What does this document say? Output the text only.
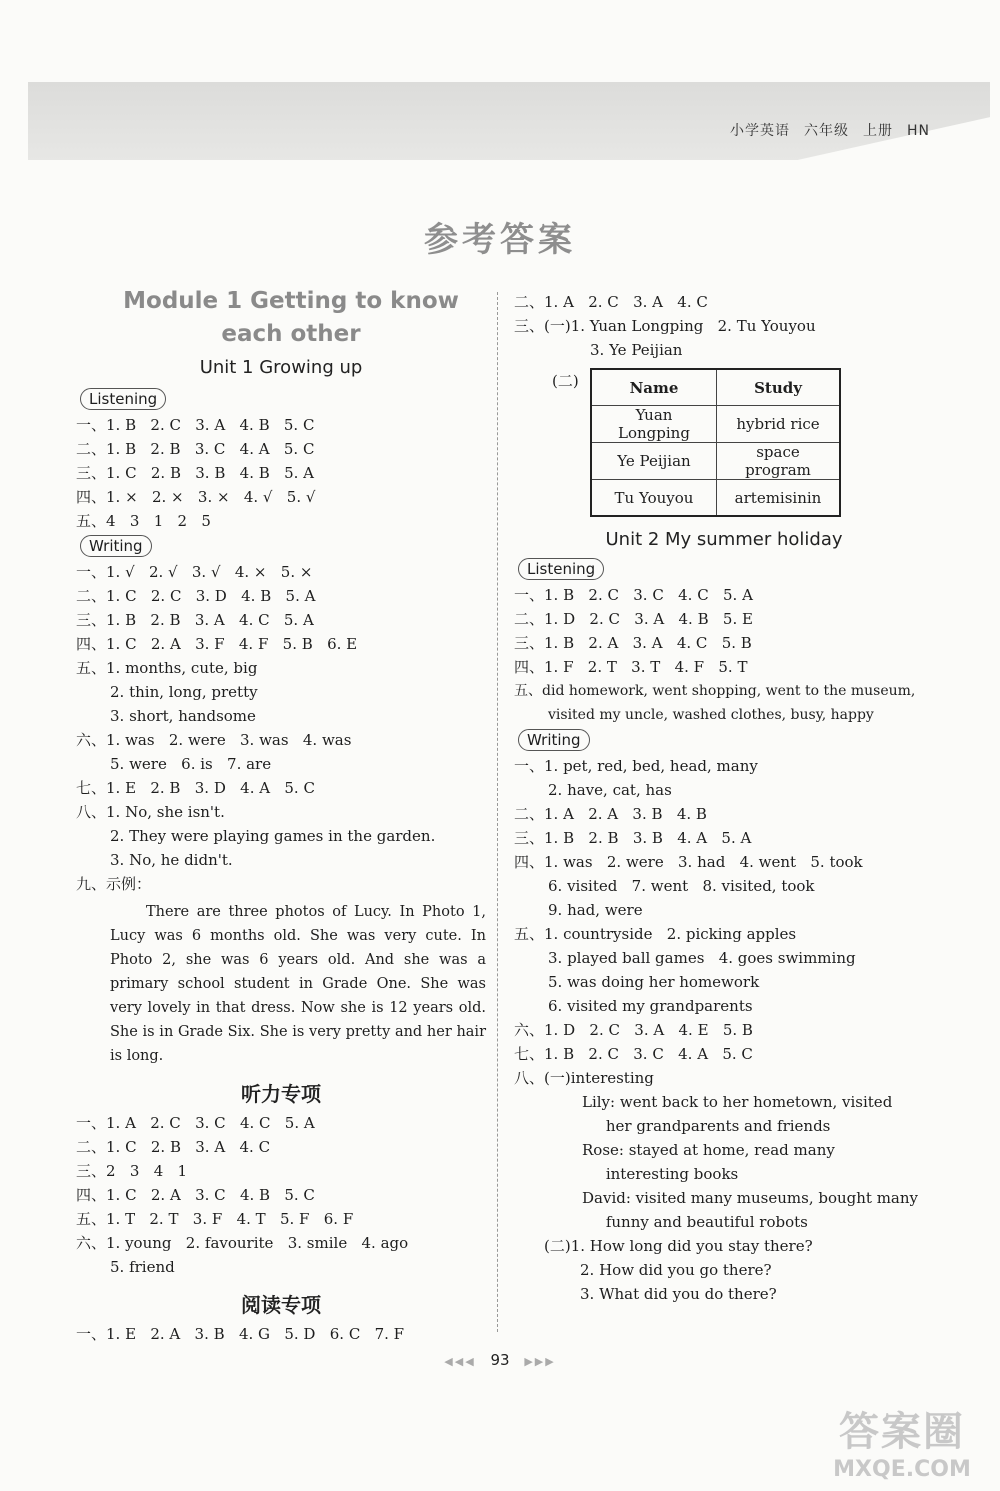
小学英语 六年级 上册 HN
参考答案
Module 1 Getting to know
each other
Unit 1 Growing up
Listening
一、1. B   2. C   3. A   4. B   5. C
二、1. B   2. B   3. C   4. A   5. C
三、1. C   2. B   3. B   4. B   5. A
四、1. ×   2. ×   3. ×   4. √   5. √
五、4   3   1   2   5
Writing
一、1. √   2. √   3. √   4. ×   5. ×
二、1. C   2. C   3. D   4. B   5. A
三、1. B   2. B   3. A   4. C   5. A
四、1. C   2. A   3. F   4. F   5. B   6. E
五、1. months, cute, big
2. thin, long, pretty
3. short, handsome
六、1. was   2. were   3. was   4. was
5. were   6. is   7. are
七、1. E   2. B   3. D   4. A   5. C
八、1. No, she isn't.
2. They were playing games in the garden.
3. No, he didn't.
九、示例：
There are three photos of Lucy. In Photo 1, Lucy was 6 months old. She was very cute. In Photo 2, she was 6 years old. And she was a primary school student in Grade One. She was very lovely in that dress. Now she is 12 years old. She is in Grade Six. She is very pretty and her hair is long.
听力专项
一、1. A   2. C   3. C   4. C   5. A
二、1. C   2. B   3. A   4. C
三、2   3   4   1
四、1. C   2. A   3. C   4. B   5. C
五、1. T   2. T   3. F   4. T   5. F   6. F
六、1. young   2. favourite   3. smile   4. ago
5. friend
阅读专项
一、1. E   2. A   3. B   4. G   5. D   6. C   7. F
二、1. A   2. C   3. A   4. C
三、(一)1. Yuan Longping   2. Tu Youyou
3. Ye Peijian
(二)	Name	Study
Yuan Longping	hybrid rice
Ye Peijian	space program
Tu Youyou	artemisinin
Unit 2 My summer holiday
Listening
一、1. B   2. C   3. C   4. C   5. A
二、1. D   2. C   3. A   4. B   5. E
三、1. B   2. A   3. A   4. C   5. B
四、1. F   2. T   3. T   4. F   5. T
五、did homework, went shopping, went to the museum,
visited my uncle, washed clothes, busy, happy
Writing
一、1. pet, red, bed, head, many
2. have, cat, has
二、1. A   2. A   3. B   4. B
三、1. B   2. B   3. B   4. A   5. A
四、1. was   2. were   3. had   4. went   5. took
6. visited   7. went   8. visited, took
9. had, were
五、1. countryside   2. picking apples
3. played ball games   4. goes swimming
5. was doing her homework
6. visited my grandparents
六、1. D   2. C   3. A   4. E   5. B
七、1. B   2. C   3. C   4. A   5. C
八、(一)interesting
Lily: went back to her hometown, visited
her grandparents and friends
Rose: stayed at home, read many
interesting books
David: visited many museums, bought many
funny and beautiful robots
(二)1. How long did you stay there?
2. How did you go there?
3. What did you do there?
◀◀◀ 93 ▶▶▶
答案圈
MXQE.COM
